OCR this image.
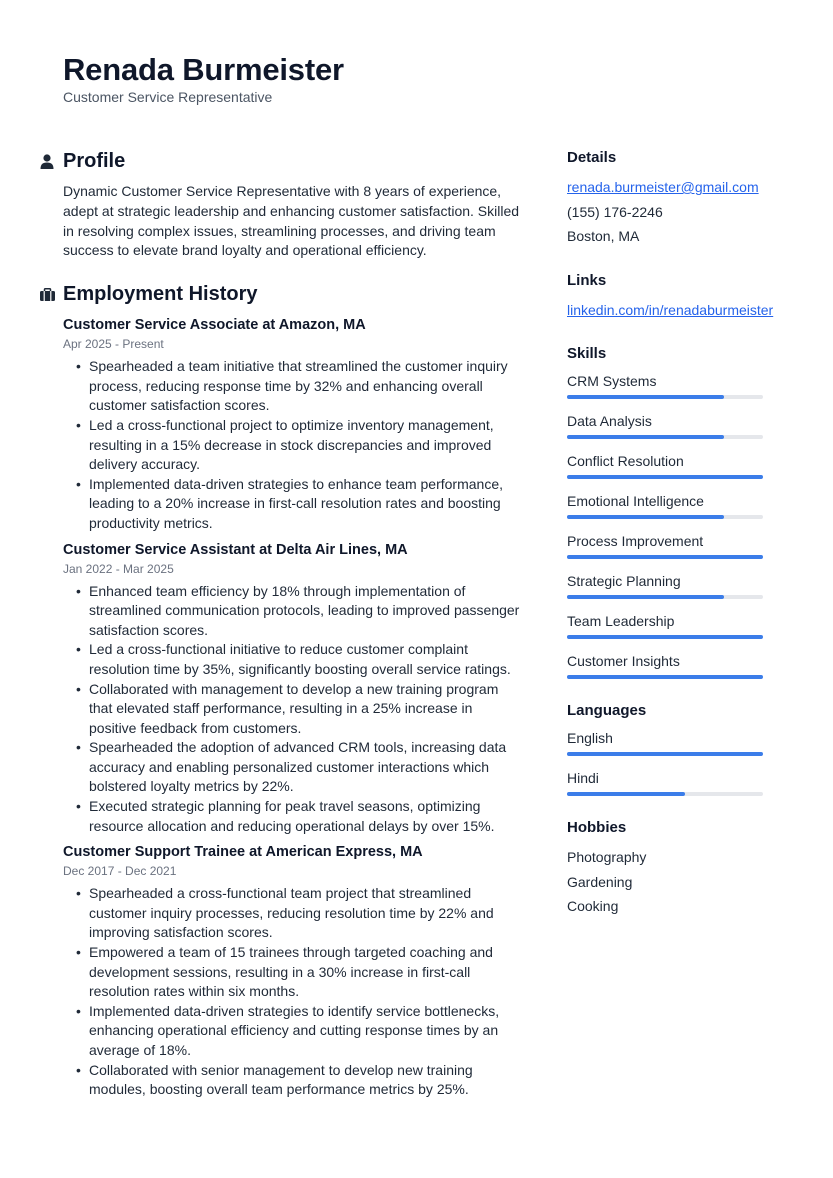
Renada Burmeister
Customer Service Representative
Profile

Dynamic Customer Service Representative with 8 years of experience, adept at strategic leadership and enhancing customer satisfaction. Skilled in resolving complex issues, streamlining processes, and driving team success to elevate brand loyalty and operational efficiency.

Employment History
Customer Service Associate at Amazon, MA
Apr 2025 - Present
• Spearheaded a team initiative that streamlined the customer inquiry process, reducing response time by 32% and enhancing overall customer satisfaction scores.
• Led a cross-functional project to optimize inventory management, resulting in a 15% decrease in stock discrepancies and improved delivery accuracy.
• Implemented data-driven strategies to enhance team performance, leading to a 20% increase in first-call resolution rates and boosting productivity metrics.
Customer Service Assistant at Delta Air Lines, MA
Jan 2022 - Mar 2025
• Enhanced team efficiency by 18% through implementation of streamlined communication protocols, leading to improved passenger satisfaction scores.
• Led a cross-functional initiative to reduce customer complaint resolution time by 35%, significantly boosting overall service ratings.
• Collaborated with management to develop a new training program that elevated staff performance, resulting in a 25% increase in positive feedback from customers.
• Spearheaded the adoption of advanced CRM tools, increasing data accuracy and enabling personalized customer interactions which bolstered loyalty metrics by 22%.
• Executed strategic planning for peak travel seasons, optimizing resource allocation and reducing operational delays by over 15%.
Customer Support Trainee at American Express, MA
Dec 2017 - Dec 2021
• Spearheaded a cross-functional team project that streamlined customer inquiry processes, reducing resolution time by 22% and improving satisfaction scores.
• Empowered a team of 15 trainees through targeted coaching and development sessions, resulting in a 30% increase in first-call resolution rates within six months.
• Implemented data-driven strategies to identify service bottlenecks, enhancing operational efficiency and cutting response times by an average of 18%.
• Collaborated with senior management to develop new training modules, boosting overall team performance metrics by 25%.
Details
renada.burmeister@gmail.com
(155) 176-2246
Boston, MA
Links
linkedin.com/in/renadaburmeister
Skills
CRM Systems
Data Analysis
Conflict Resolution
Emotional Intelligence
Process Improvement
Strategic Planning
Team Leadership
Customer Insights
Languages
English
Hindi
Hobbies
Photography
Gardening
Cooking
